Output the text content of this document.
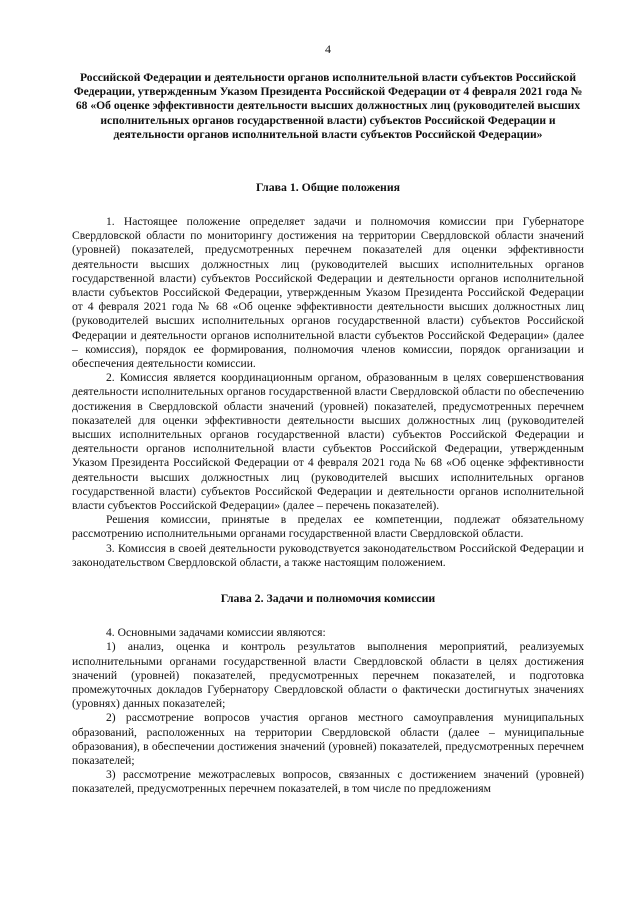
4
Российской Федерации и деятельности органов исполнительной власти субъектов Российской Федерации, утвержденным Указом Президента Российской Федерации от 4 февраля 2021 года № 68 «Об оценке эффективности деятельности высших должностных лиц (руководителей высших исполнительных органов государственной власти) субъектов Российской Федерации и деятельности органов исполнительной власти субъектов Российской Федерации»
Глава 1. Общие положения

1. Настоящее положение определяет задачи и полномочия комиссии при Губернаторе Свердловской области по мониторингу достижения на территории Свердловской области значений (уровней) показателей, предусмотренных перечнем показателей для оценки эффективности деятельности высших должностных лиц (руководителей высших исполнительных органов государственной власти) субъектов Российской Федерации и деятельности органов исполнительной власти субъектов Российской Федерации, утвержденным Указом Президента Российской Федерации от 4 февраля 2021 года № 68 «Об оценке эффективности деятельности высших должностных лиц (руководителей высших исполнительных органов государственной власти) субъектов Российской Федерации и деятельности органов исполнительной власти субъектов Российской Федерации» (далее – комиссия), порядок ее формирования, полномочия членов комиссии, порядок организации и обеспечения деятельности комиссии.

2. Комиссия является координационным органом, образованным в целях совершенствования деятельности исполнительных органов государственной власти Свердловской области по обеспечению достижения в Свердловской области значений (уровней) показателей, предусмотренных перечнем показателей для оценки эффективности деятельности высших должностных лиц (руководителей высших исполнительных органов государственной власти) субъектов Российской Федерации и деятельности органов исполнительной власти субъектов Российской Федерации, утвержденным Указом Президента Российской Федерации от 4 февраля 2021 года № 68 «Об оценке эффективности деятельности высших должностных лиц (руководителей высших исполнительных органов государственной власти) субъектов Российской Федерации и деятельности органов исполнительной власти субъектов Российской Федерации» (далее – перечень показателей).

Решения комиссии, принятые в пределах ее компетенции, подлежат обязательному рассмотрению исполнительными органами государственной власти Свердловской области.

3. Комиссия в своей деятельности руководствуется законодательством Российской Федерации и законодательством Свердловской области, а также настоящим положением.

Глава 2. Задачи и полномочия комиссии

4. Основными задачами комиссии являются:

1) анализ, оценка и контроль результатов выполнения мероприятий, реализуемых исполнительными органами государственной власти Свердловской области в целях достижения значений (уровней) показателей, предусмотренных перечнем показателей, и подготовка промежуточных докладов Губернатору Свердловской области о фактически достигнутых значениях (уровнях) данных показателей;

2) рассмотрение вопросов участия органов местного самоуправления муниципальных образований, расположенных на территории Свердловской области (далее – муниципальные образования), в обеспечении достижения значений (уровней) показателей, предусмотренных перечнем показателей;

3) рассмотрение межотраслевых вопросов, связанных с достижением значений (уровней) показателей, предусмотренных перечнем показателей, в том числе по предложениям
